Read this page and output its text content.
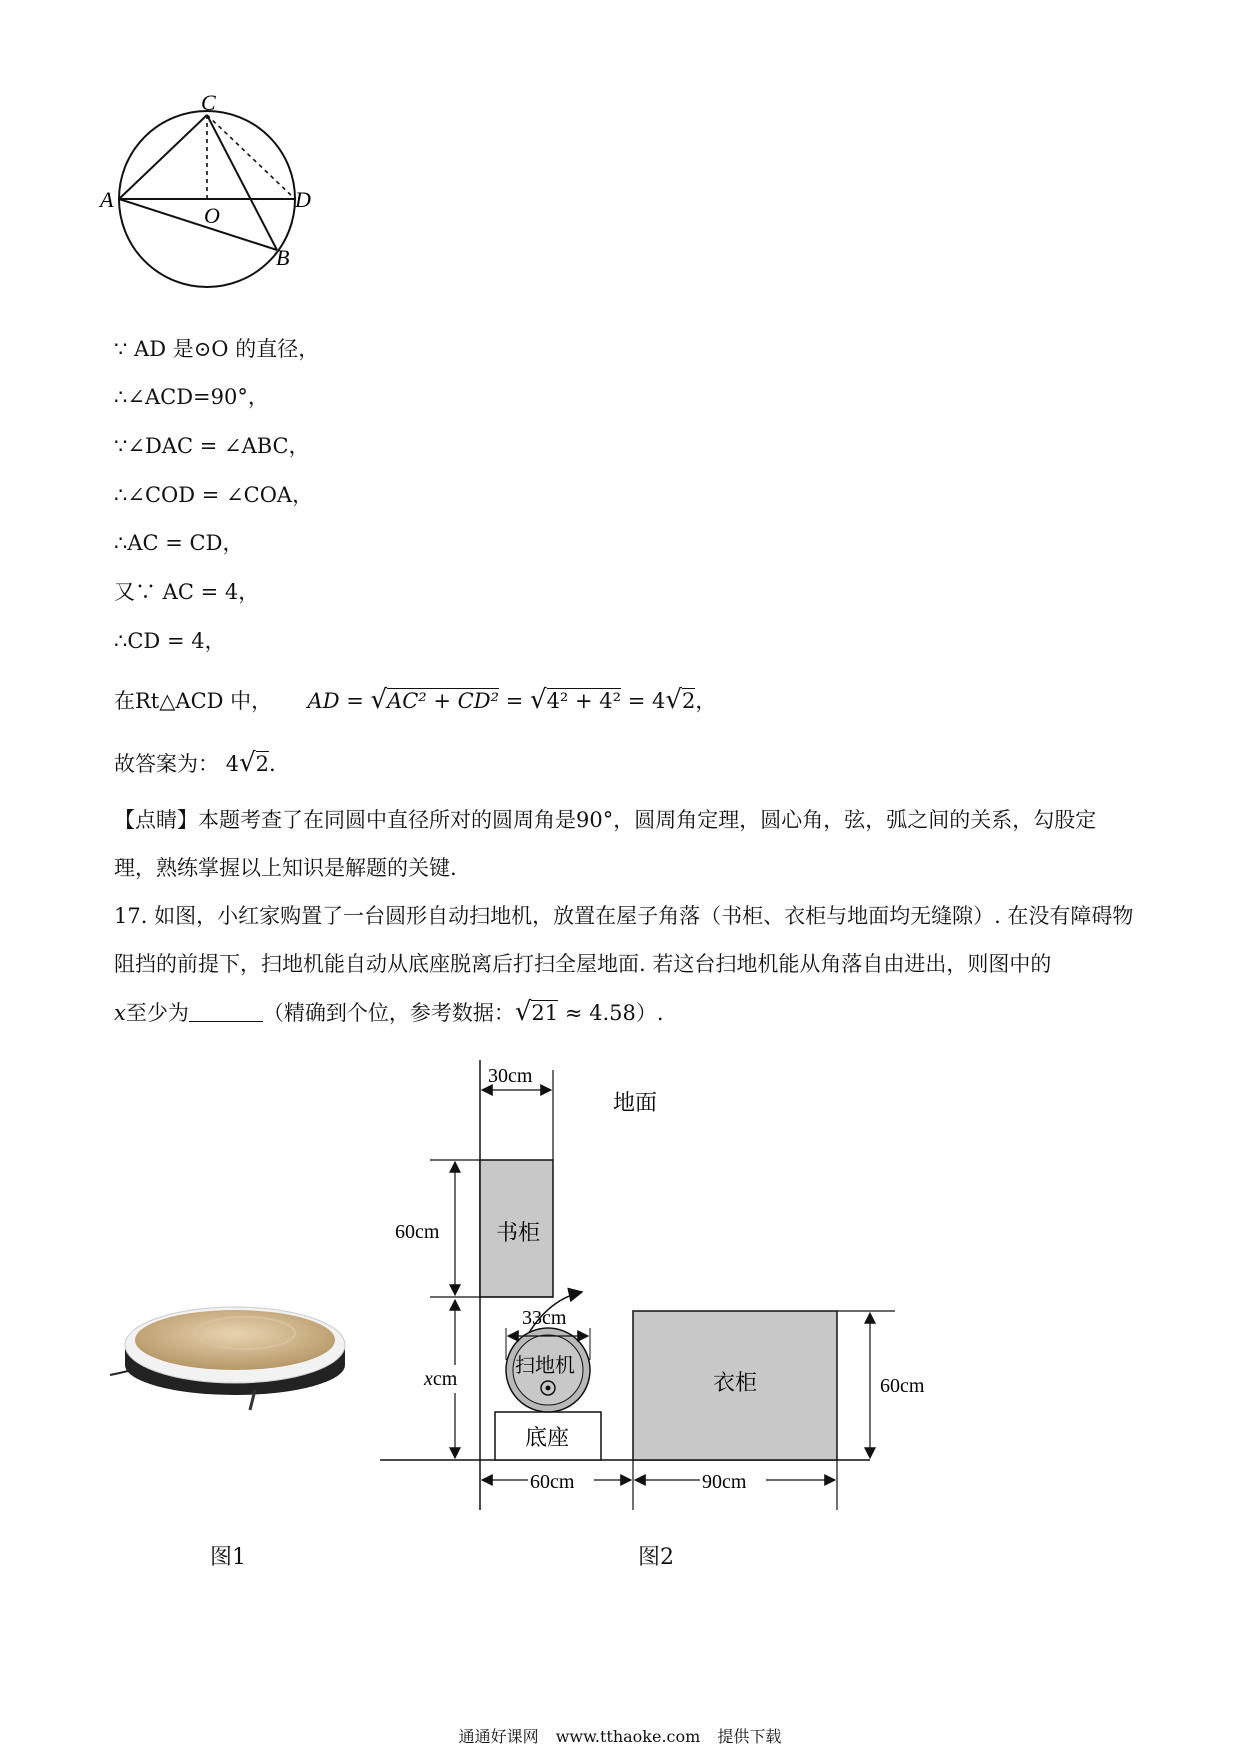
C
A	D
O
B
∵ AD 是⊙O 的直径，
∴∠ACD=90°，
∵∠DAC = ∠ABC，
∴∠COD = ∠COA，
∴AC = CD，
又∵ AC = 4，
∴CD = 4，
在Rt△ACD 中， AD = √AC² + CD² = √4² + 4² = 4√2，
故答案为： 4√2.
【点睛】本题考查了在同圆中直径所对的圆周角是90°，圆周角定理，圆心角，弦，弧之间的关系，勾股定理，熟练掌握以上知识是解题的关键.
17. 如图，小红家购置了一台圆形自动扫地机，放置在屋子角落（书柜、衣柜与地面均无缝隙）. 在没有障碍物阻挡的前提下，扫地机能自动从底座脱离后打扫全屋地面. 若这台扫地机能从角落自由进出，则图中的
x至少为	（精确到个位，参考数据：√21 ≈ 4.58）.
书柜
30cm
60cm
xcm
地面
底座
扫地机
33cm
衣柜	60cm
60cm	90cm
图1	图2
通通好课网 www.tthaoke.com 提供下载
